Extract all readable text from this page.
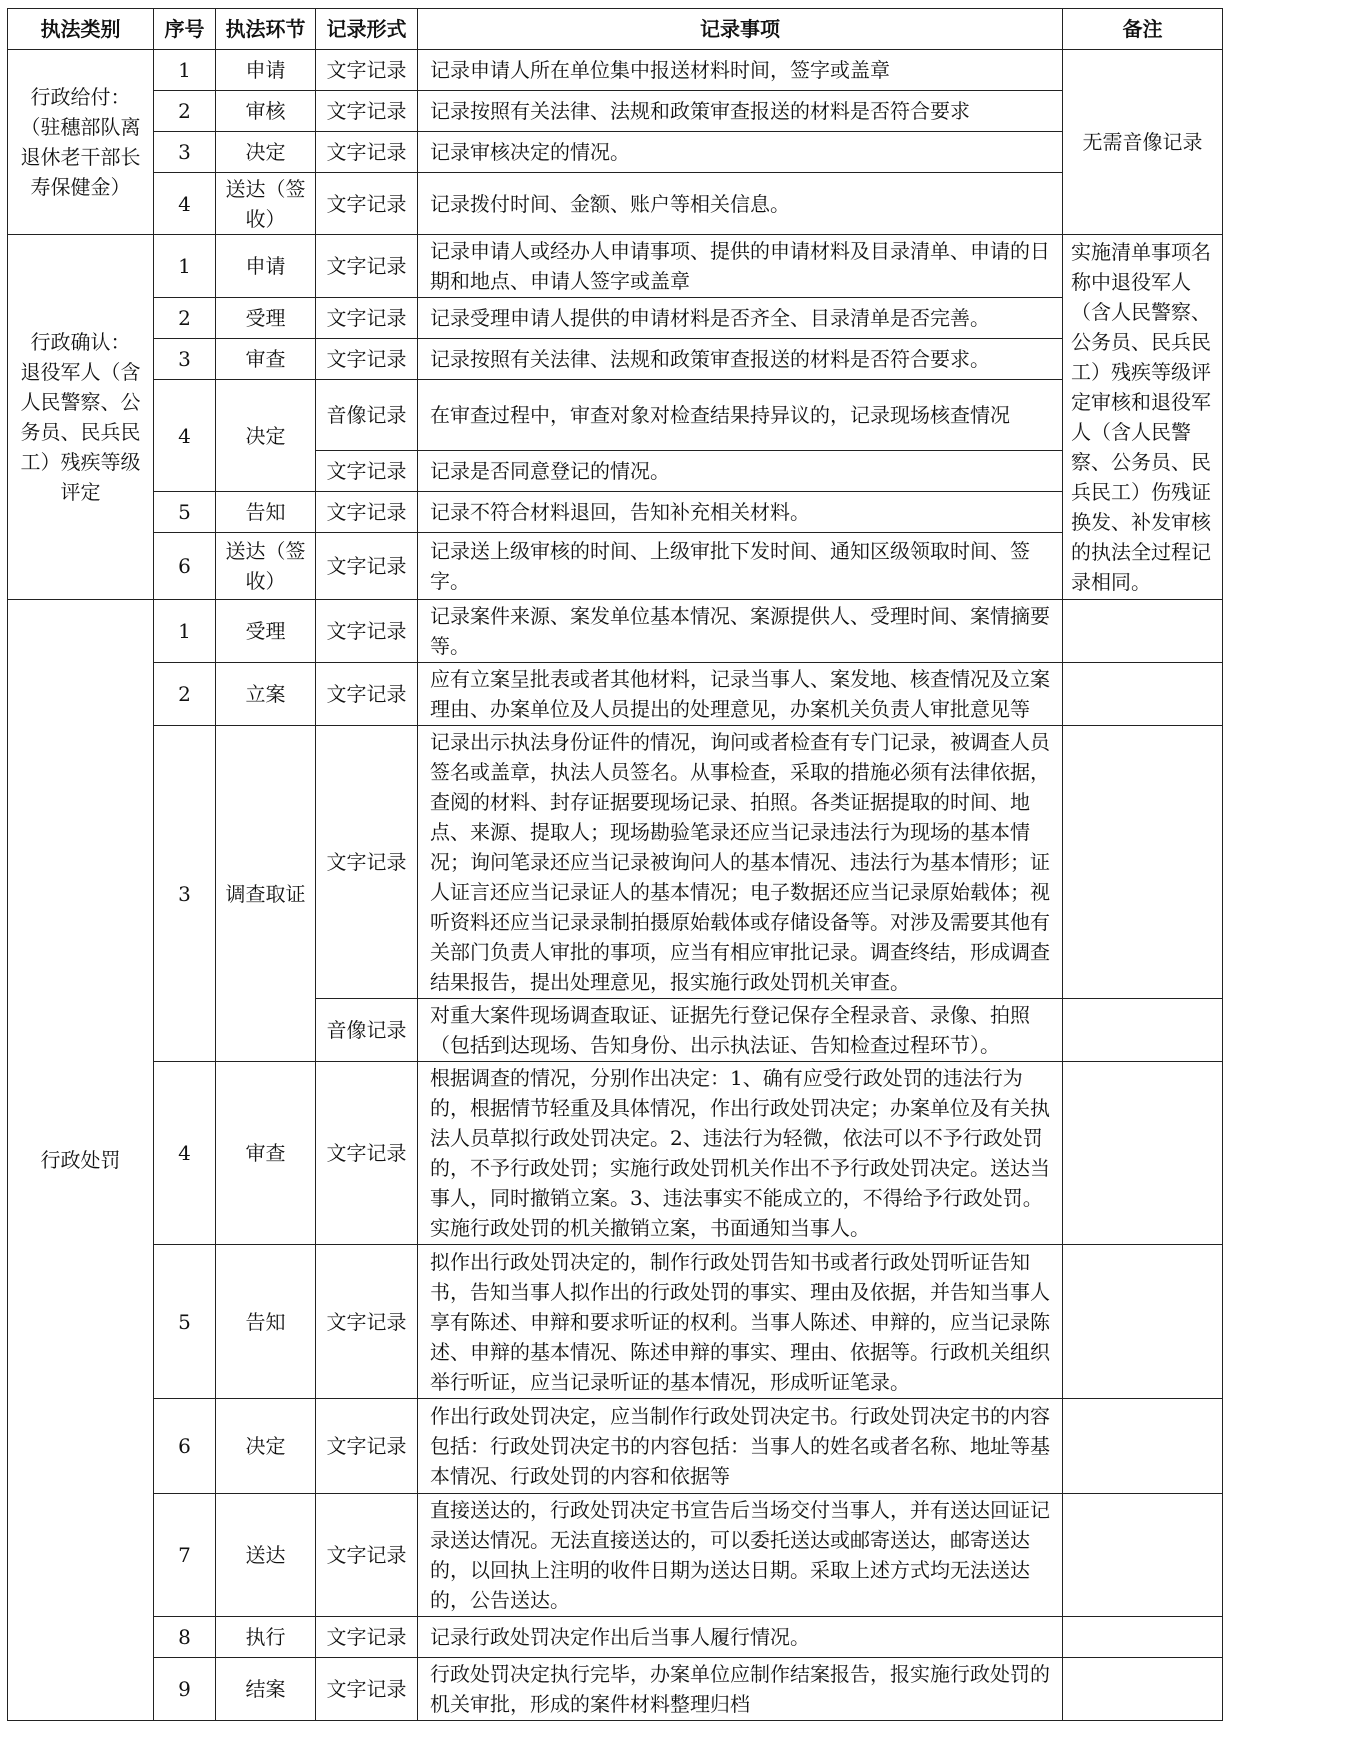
执法类别	序号	执法环节	记录形式	记录事项	备注
行政给付：（驻穗部队离退休老干部长寿保健金）	1	申请	文字记录	记录申请人所在单位集中报送材料时间，签字或盖章	无需音像记录
	2	审核	文字记录	记录按照有关法律、法规和政策审查报送的材料是否符合要求	
	3	决定	文字记录	记录审核决定的情况。	
	4	送达（签收）	文字记录	记录拨付时间、金额、账户等相关信息。	
行政确认： 退役军人（含人民警察、公务员、民兵民工）残疾等级评定	1	申请	文字记录	记录申请人或经办人申请事项、提供的申请材料及目录清单、申请的日期和地点、申请人签字或盖章	实施清单事项名称中退役军人（含人民警察、公务员、民兵民工）残疾等级评定审核和退役军人（含人民警察、公务员、民兵民工）伤残证换发、补发审核的执法全过程记录相同。
	2	受理	文字记录	记录受理申请人提供的申请材料是否齐全、目录清单是否完善。	
	3	审查	文字记录	记录按照有关法律、法规和政策审查报送的材料是否符合要求。	
	4	决定	音像记录	在审查过程中，审查对象对检查结果持异议的，记录现场核查情况	
			文字记录	记录是否同意登记的情况。	
	5	告知	文字记录	记录不符合材料退回，告知补充相关材料。	
	6	送达（签收）	文字记录	记录送上级审核的时间、上级审批下发时间、通知区级领取时间、签字。	
行政处罚	1	受理	文字记录	记录案件来源、案发单位基本情况、案源提供人、受理时间、案情摘要等。	
	2	立案	文字记录	应有立案呈批表或者其他材料，记录当事人、案发地、核查情况及立案理由、办案单位及人员提出的处理意见，办案机关负责人审批意见等	
	3	调查取证	文字记录	记录出示执法身份证件的情况，询问或者检查有专门记录，被调查人员签名或盖章，执法人员签名。从事检查，采取的措施必须有法律依据，查阅的材料、封存证据要现场记录、拍照。各类证据提取的时间、地点、来源、提取人；现场勘验笔录还应当记录违法行为现场的基本情况；询问笔录还应当记录被询问人的基本情况、违法行为基本情形；证人证言还应当记录证人的基本情况；电子数据还应当记录原始载体；视听资料还应当记录录制拍摄原始载体或存储设备等。对涉及需要其他有关部门负责人审批的事项，应当有相应审批记录。调查终结，形成调查结果报告，提出处理意见，报实施行政处罚机关审查。	
			音像记录	对重大案件现场调查取证、证据先行登记保存全程录音、录像、拍照（包括到达现场、告知身份、出示执法证、告知检查过程环节）。	
	4	审查	文字记录	根据调查的情况，分别作出决定：1、确有应受行政处罚的违法行为的，根据情节轻重及具体情况，作出行政处罚决定；办案单位及有关执法人员草拟行政处罚决定。2、违法行为轻微，依法可以不予行政处罚的，不予行政处罚；实施行政处罚机关作出不予行政处罚决定。送达当事人，同时撤销立案。3、违法事实不能成立的，不得给予行政处罚。实施行政处罚的机关撤销立案，书面通知当事人。	
	5	告知	文字记录	拟作出行政处罚决定的，制作行政处罚告知书或者行政处罚听证告知书，告知当事人拟作出的行政处罚的事实、理由及依据，并告知当事人享有陈述、申辩和要求听证的权利。当事人陈述、申辩的，应当记录陈述、申辩的基本情况、陈述申辩的事实、理由、依据等。行政机关组织举行听证，应当记录听证的基本情况，形成听证笔录。	
	6	决定	文字记录	作出行政处罚决定，应当制作行政处罚决定书。行政处罚决定书的内容包括：行政处罚决定书的内容包括：当事人的姓名或者名称、地址等基本情况、行政处罚的内容和依据等	
	7	送达	文字记录	直接送达的，行政处罚决定书宣告后当场交付当事人，并有送达回证记录送达情况。无法直接送达的，可以委托送达或邮寄送达，邮寄送达的，以回执上注明的收件日期为送达日期。采取上述方式均无法送达的，公告送达。	
	8	执行	文字记录	记录行政处罚决定作出后当事人履行情况。	
	9	结案	文字记录	行政处罚决定执行完毕，办案单位应制作结案报告，报实施行政处罚的机关审批，形成的案件材料整理归档	
